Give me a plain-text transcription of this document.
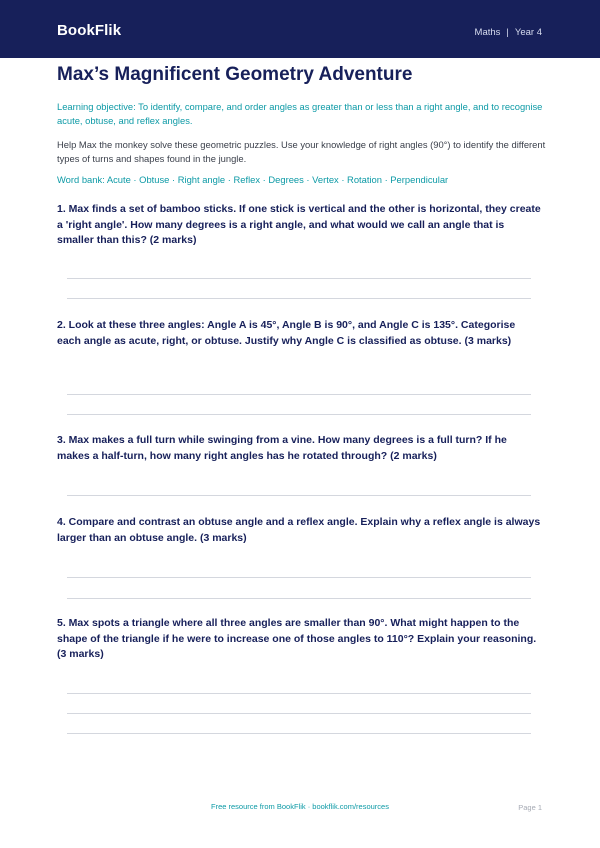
BookFlik	Maths | Year 4
Max’s Magnificent Geometry Adventure

Learning objective: To identify, compare, and order angles as greater than or less than a right angle, and to recognise acute, obtuse, and reflex angles.

Help Max the monkey solve these geometric puzzles. Use your knowledge of right angles (90°) to identify the different types of turns and shapes found in the jungle.

Word bank: Acute · Obtuse · Right angle · Reflex · Degrees · Vertex · Rotation · Perpendicular

1. Max finds a set of bamboo sticks. If one stick is vertical and the other is horizontal, they create a 'right angle'. How many degrees is a right angle, and what would we call an angle that is smaller than this? (2 marks)

2. Look at these three angles: Angle A is 45°, Angle B is 90°, and Angle C is 135°. Categorise each angle as acute, right, or obtuse. Justify why Angle C is classified as obtuse. (3 marks)

3. Max makes a full turn while swinging from a vine. How many degrees is a full turn? If he makes a half-turn, how many right angles has he rotated through? (2 marks)

4. Compare and contrast an obtuse angle and a reflex angle. Explain why a reflex angle is always larger than an obtuse angle. (3 marks)

5. Max spots a triangle where all three angles are smaller than 90°. What might happen to the shape of the triangle if he were to increase one of those angles to 110°? Explain your reasoning. (3 marks)

Free resource from BookFlik · bookflik.com/resources	Page 1
